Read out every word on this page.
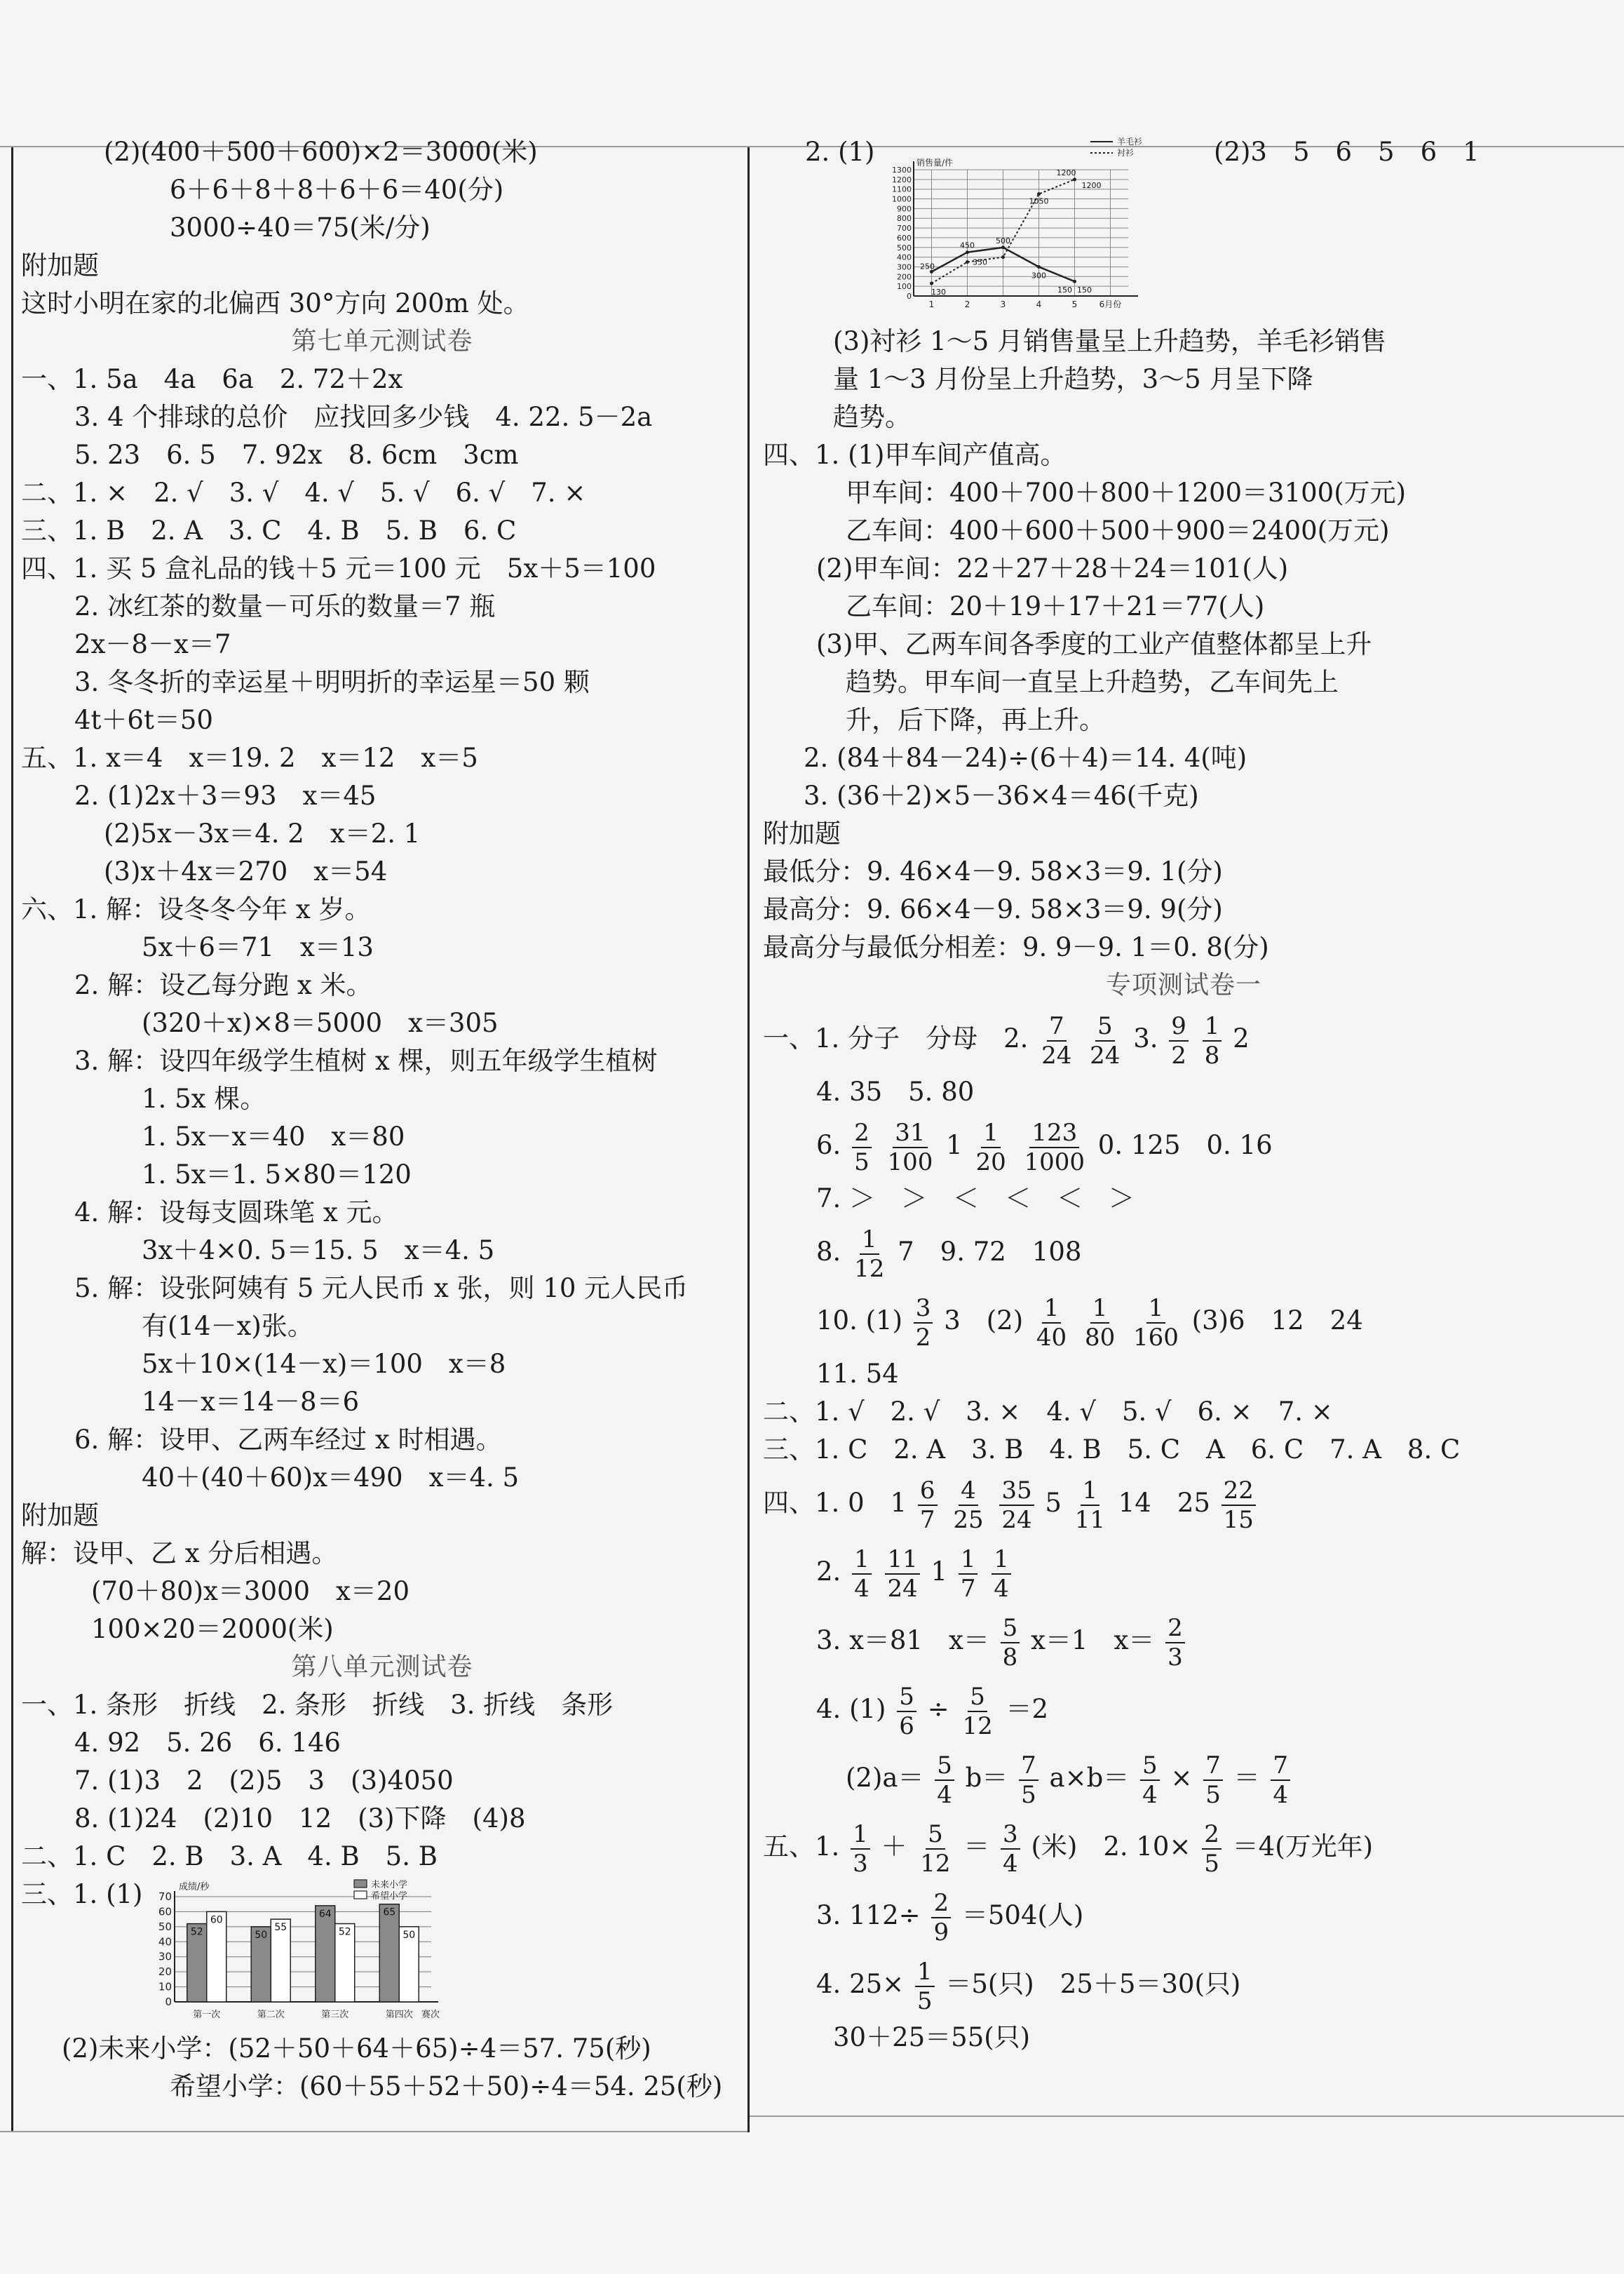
(2)(400＋500＋600)×2＝3000(米)
6＋6＋8＋8＋6＋6＝40(分)
3000÷40＝75(米/分)
附加题
这时小明在家的北偏西 30°方向 200m 处。
第七单元测试卷
一、1. 5a　4a　6a　2. 72＋2x
3. 4 个排球的总价　应找回多少钱　4. 22. 5－2a
5. 23　6. 5　7. 92x　8. 6cm　3cm
二、1. ×　2. √　3. √　4. √　5. √　6. √　7. ×
三、1. B　2. A　3. C　4. B　5. B　6. C
四、1. 买 5 盒礼品的钱＋5 元＝100 元　5x＋5＝100
2. 冰红茶的数量－可乐的数量＝7 瓶
2x－8－x＝7
3. 冬冬折的幸运星＋明明折的幸运星＝50 颗
4t＋6t＝50
五、1. x＝4　x＝19. 2　x＝12　x＝5
2. (1)2x＋3＝93　x＝45
(2)5x－3x＝4. 2　x＝2. 1
(3)x＋4x＝270　x＝54
六、1. 解：设冬冬今年 x 岁。
5x＋6＝71　x＝13
2. 解：设乙每分跑 x 米。
(320＋x)×8＝5000　x＝305
3. 解：设四年级学生植树 x 棵，则五年级学生植树
1. 5x 棵。
1. 5x－x＝40　x＝80
1. 5x＝1. 5×80＝120
4. 解：设每支圆珠笔 x 元。
3x＋4×0. 5＝15. 5　x＝4. 5
5. 解：设张阿姨有 5 元人民币 x 张，则 10 元人民币
有(14－x)张。
5x＋10×(14－x)＝100　x＝8
14－x＝14－8＝6
6. 解：设甲、乙两车经过 x 时相遇。
40＋(40＋60)x＝490　x＝4. 5
附加题
解：设甲、乙 x 分后相遇。
(70＋80)x＝3000　x＝20
100×20＝2000(米)
第八单元测试卷
一、1. 条形　折线　2. 条形　折线　3. 折线　条形
4. 92　5. 26　6. 146
7. (1)3　2　(2)5　3　(3)4050
8. (1)24　(2)10　12　(3)下降　(4)8
二、1. C　2. B　3. A　4. B　5. B
三、1. (1)
0
10
20
30
40
50
60
70
成绩/秒
52
60
第一次
50
55
第二次
64
52
第三次
65
50
第四次 赛次
未来小学
希望小学
(2)未来小学：(52＋50＋64＋65)÷4＝57. 75(秒)
希望小学：(60＋55＋52＋50)÷4＝54. 25(秒)
2. (1)
0
100
200
300
400
500
600
700
800
900
1000
1100
1200
1300
销售量/件
1	2	3	4	5	6月份
130
250	350
450
500
300
150 150
1050
1200
1200
羊毛衫
衬衫	(2)3　5　6　5　6　1
(3)衬衫 1～5 月销售量呈上升趋势，羊毛衫销售
量 1～3 月份呈上升趋势，3～5 月呈下降
趋势。
四、1. (1)甲车间产值高。
甲车间：400＋700＋800＋1200＝3100(万元)
乙车间：400＋600＋500＋900＝2400(万元)
(2)甲车间：22＋27＋28＋24＝101(人)
乙车间：20＋19＋17＋21＝77(人)
(3)甲、乙两车间各季度的工业产值整体都呈上升
趋势。甲车间一直呈上升趋势，乙车间先上
升，后下降，再上升。
2. (84＋84－24)÷(6＋4)＝14. 4(吨)
3. (36＋2)×5－36×4＝46(千克)
附加题
最低分：9. 46×4－9. 58×3＝9. 1(分)
最高分：9. 66×4－9. 58×3＝9. 9(分)
最高分与最低分相差：9. 9－9. 1＝0. 8(分)
专项测试卷一
一、1. 分子　分母　2. $\frac{7}{24}$
$\frac{5}{24} 3$. $\frac{9}{2}$
$\frac{1}{8} 2$
4. 35　5. 80
6. $\frac{2}{5}$
$\frac{31}{100} 1 \frac{1}{20}$
$\frac{123}{1000} 0$. 125　0. 16
7. ＞　＞　＜　＜　＜　＞
8. $\frac{1}{12} 7$　9. 72　108
10. $(1) \frac{3}{2} 3$　$(2) \frac{1}{40}$
$\frac{1}{80}$
$\frac{1}{160} (3)6$　12　24
11. 54
二、1. √　2. √　3. ×　4. √　5. √　6. ×　7. ×
三、1. C　2. A　3. B　4. B　5. C　A　6. C　7. A　8. C
四、1. 0　$1 \frac{6}{7}$
$\frac{4}{25}$
$\frac{35}{24} 5 \frac{1}{11} 14$　$25 \frac{22}{15}$
2. $\frac{1}{4}$
$\frac{11}{24} 1 \frac{1}{7}$
$\frac{1}{4}$
3. x＝81　$x= \frac{5}{8} x=1$　$x= \frac{2}{3}$
4. $(1) \frac{5}{6} \div \frac{5}{12} =2$
$(2)a= \frac{5}{4} b= \frac{7}{5} a\times b= \frac{5}{4} \times \frac{7}{5} = \frac{7}{4}$
五、1. $\frac{1}{3} + \frac{5}{12} = \frac{3}{4}$ (米)　2. $10\times \frac{2}{5} =4$(万光年)
3. $112\div \frac{2}{9} =504$(人)
4. $25\times \frac{1}{5} =5$(只)　25＋5＝30(只)
30＋25＝55(只)
